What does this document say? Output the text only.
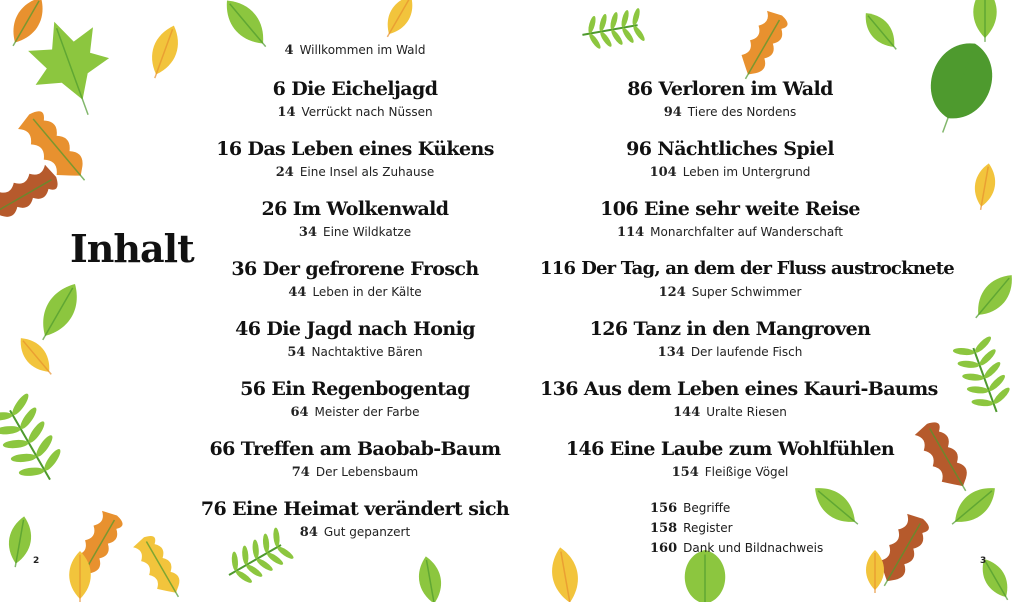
Inhalt
4 Willkommen im Wald
6 Die Eicheljagd
14 Verrückt nach Nüssen
16 Das Leben eines Kükens
24 Eine Insel als Zuhause
26 Im Wolkenwald
34 Eine Wildkatze
36 Der gefrorene Frosch
44 Leben in der Kälte
46 Die Jagd nach Honig
54 Nachtaktive Bären
56 Ein Regenbogentag
64 Meister der Farbe
66 Treffen am Baobab-Baum
74 Der Lebensbaum
76 Eine Heimat verändert sich
84 Gut gepanzert
86 Verloren im Wald
94 Tiere des Nordens
96 Nächtliches Spiel
104 Leben im Untergrund
106 Eine sehr weite Reise
114 Monarchfalter auf Wanderschaft
116 Der Tag, an dem der Fluss austrocknete
124 Super Schwimmer
126 Tanz in den Mangroven
134 Der laufende Fisch
136 Aus dem Leben eines Kauri-Baums
144 Uralte Riesen
146 Eine Laube zum Wohlfühlen
154 Fleißige Vögel
156 Begriffe
158 Register
160 Dank und Bildnachweis
2	3
